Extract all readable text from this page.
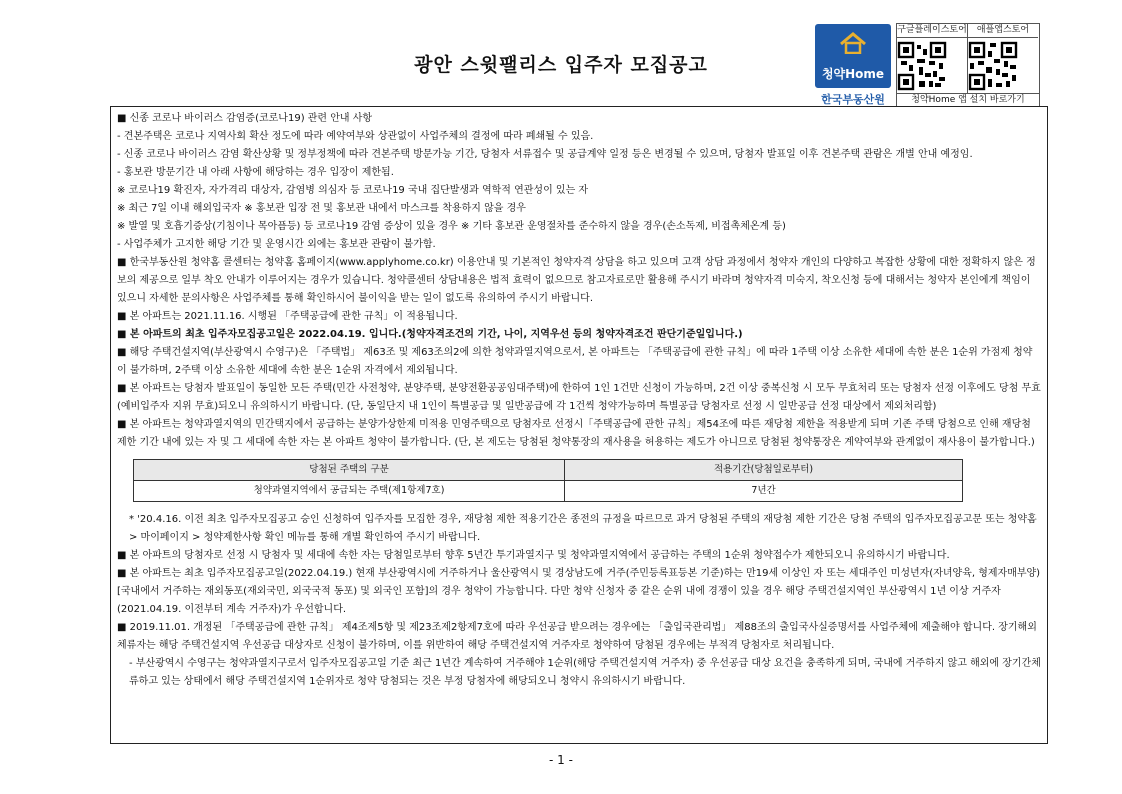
광안 스윗팰리스 입주자 모집공고	청약Home
한국부동산원
구글플레이스토어	애플앱스토어
청약Home 앱 설치 바로가기

■ 신종 코로나 바이러스 감염증(코로나19) 관련 안내 사항

- 견본주택은 코로나 지역사회 확산 정도에 따라 예약여부와 상관없이 사업주체의 결정에 따라 폐쇄될 수 있음.

- 신종 코로나 바이러스 감염 확산상황 및 정부정책에 따라 견본주택 방문가능 기간, 당첨자 서류접수 및 공급계약 일정 등은 변경될 수 있으며, 당첨자 발표일 이후 견본주택 관람은 개별 안내 예정임.

- 홍보관 방문기간 내 아래 사항에 해당하는 경우 입장이 제한됨.

※ 코로나19 확진자, 자가격리 대상자, 감염병 의심자 등 코로나19 국내 집단발생과 역학적 연관성이 있는 자

※ 최근 7일 이내 해외입국자 ※ 홍보관 입장 전 및 홍보관 내에서 마스크를 착용하지 않을 경우

※ 발열 및 호흡기증상(기침이나 목아픔등) 등 코로나19 감염 증상이 있을 경우 ※ 기타 홍보관 운영절차를 준수하지 않을 경우(손소독제, 비접촉체온계 등)

- 사업주체가 고지한 해당 기간 및 운영시간 외에는 홍보관 관람이 불가함.

■ 한국부동산원 청약홈 콜센터는 청약홈 홈페이지(www.applyhome.co.kr) 이용안내 및 기본적인 청약자격 상담을 하고 있으며 고객 상담 과정에서 청약자 개인의 다양하고 복잡한 상황에 대한 정확하지 않은 정보의 제공으로 일부 착오 안내가 이루어지는 경우가 있습니다. 청약콜센터 상담내용은 법적 효력이 없으므로 참고자료로만 활용해 주시기 바라며 청약자격 미숙지, 착오신청 등에 대해서는 청약자 본인에게 책임이 있으니 자세한 문의사항은 사업주체를 통해 확인하시어 불이익을 받는 일이 없도록 유의하여 주시기 바랍니다.

■ 본 아파트는 2021.11.16. 시행된 「주택공급에 관한 규칙」이 적용됩니다.

■ 본 아파트의 최초 입주자모집공고일은 2022.04.19. 입니다.(청약자격조건의 기간, 나이, 지역우선 등의 청약자격조건 판단기준일입니다.)

■ 해당 주택건설지역(부산광역시 수영구)은 「주택법」 제63조 및 제63조의2에 의한 청약과열지역으로서, 본 아파트는 「주택공급에 관한 규칙」에 따라 1주택 이상 소유한 세대에 속한 분은 1순위 가점제 청약이 불가하며, 2주택 이상 소유한 세대에 속한 분은 1순위 자격에서 제외됩니다.

■ 본 아파트는 당첨자 발표일이 동일한 모든 주택(민간 사전청약, 분양주택, 분양전환공공임대주택)에 한하여 1인 1건만 신청이 가능하며, 2건 이상 중복신청 시 모두 무효처리 또는 당첨자 선정 이후에도 당첨 무효(예비입주자 지위 무효)되오니 유의하시기 바랍니다. (단, 동일단지 내 1인이 특별공급 및 일반공급에 각 1건씩 청약가능하며 특별공급 당첨자로 선정 시 일반공급 선정 대상에서 제외처리함)

■ 본 아파트는 청약과열지역의 민간택지에서 공급하는 분양가상한제 미적용 민영주택으로 당첨자로 선정시「주택공급에 관한 규칙」제54조에 따른 재당첨 제한을 적용받게 되며 기존 주택 당첨으로 인해 재당첨 제한 기간 내에 있는 자 및 그 세대에 속한 자는 본 아파트 청약이 불가합니다. (단, 본 제도는 당첨된 청약통장의 재사용을 허용하는 제도가 아니므로 당첨된 청약통장은 계약여부와 관계없이 재사용이 불가합니다.)

당첨된 주택의 구분	적용기간(당첨일로부터)
청약과열지역에서 공급되는 주택(제1항제7호)	7년간

* '20.4.16. 이전 최초 입주자모집공고 승인 신청하여 입주자를 모집한 경우, 재당첨 제한 적용기간은 종전의 규정을 따르므로 과거 당첨된 주택의 재당첨 제한 기간은 당첨 주택의 입주자모집공고문 또는 청약홈 > 마이페이지 > 청약제한사항 확인 메뉴를 통해 개별 확인하여 주시기 바랍니다.

■ 본 아파트의 당첨자로 선정 시 당첨자 및 세대에 속한 자는 당첨일로부터 향후 5년간 투기과열지구 및 청약과열지역에서 공급하는 주택의 1순위 청약접수가 제한되오니 유의하시기 바랍니다.

■ 본 아파트는 최초 입주자모집공고일(2022.04.19.) 현재 부산광역시에 거주하거나 울산광역시 및 경상남도에 거주(주민등록표등본 기준)하는 만19세 이상인 자 또는 세대주인 미성년자(자녀양육, 형제자매부양)[국내에서 거주하는 재외동포(재외국민, 외국국적 동포) 및 외국인 포함]의 경우 청약이 가능합니다. 다만 청약 신청자 중 같은 순위 내에 경쟁이 있을 경우 해당 주택건설지역인 부산광역시 1년 이상 거주자(2021.04.19. 이전부터 계속 거주자)가 우선합니다.

■ 2019.11.01. 개정된 「주택공급에 관한 규칙」 제4조제5항 및 제23조제2항제7호에 따라 우선공급 받으려는 경우에는 「출입국관리법」 제88조의 출입국사실증명서를 사업주체에 제출해야 합니다. 장기해외체류자는 해당 주택건설지역 우선공급 대상자로 신청이 불가하며, 이를 위반하여 해당 주택건설지역 거주자로 청약하여 당첨된 경우에는 부적격 당첨자로 처리됩니다.

- 부산광역시 수영구는 청약과열지구로서 입주자모집공고일 기준 최근 1년간 계속하여 거주해야 1순위(해당 주택건설지역 거주자) 중 우선공급 대상 요건을 충족하게 되며, 국내에 거주하지 않고 해외에 장기간체류하고 있는 상태에서 해당 주택건설지역 1순위자로 청약 당첨되는 것은 부정 당첨자에 해당되오니 청약시 유의하시기 바랍니다.

- 1 -
